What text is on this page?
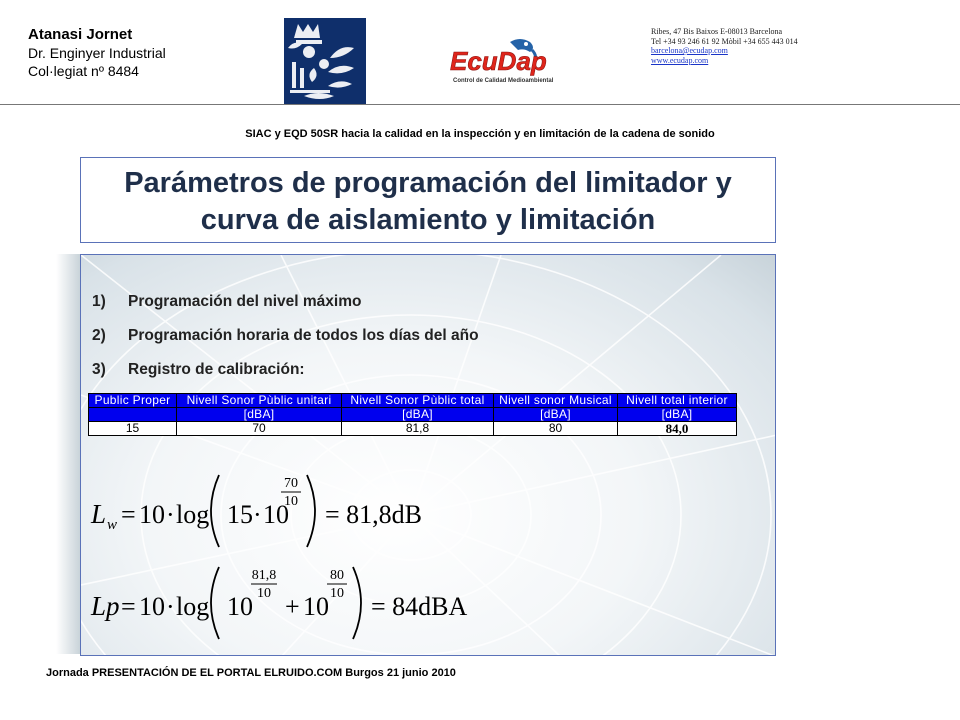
Atanasi Jornet
Dr. Enginyer Industrial
Col·legiat nº 8484	EcuDap
Control de Calidad Medioambiental
Ribes, 47 Bis Baixos E-08013 Barcelona
Tel +34 93 246 61 92 Mòbil +34 655 443 014
barcelona@ecudap.com
www.ecudap.com
SIAC y EQD 50SR hacia la calidad en la inspección y en limitación de la cadena de sonido
Parámetros de programación del limitador y
curva de aislamiento y limitación
1)	Programación del nivel máximo
2)	Programación horaria de todos los días del año
3)	Registro de calibración:
Public Proper	Nivell Sonor Pùblic unitari	Nivell Sonor Pùblic total	Nivell sonor Musical	Nivell total interior
	[dBA]	[dBA]	[dBA]	[dBA]
15	70	81,8	80	84,0
L w = 10 · log 15 · 10
70
10 = 81,8dB
Lp = 10 · log 10
81,8
10 + 10
80
10 = 84dBA
Jornada PRESENTACIÓN DE EL PORTAL ELRUIDO.COM Burgos 21 junio 2010
